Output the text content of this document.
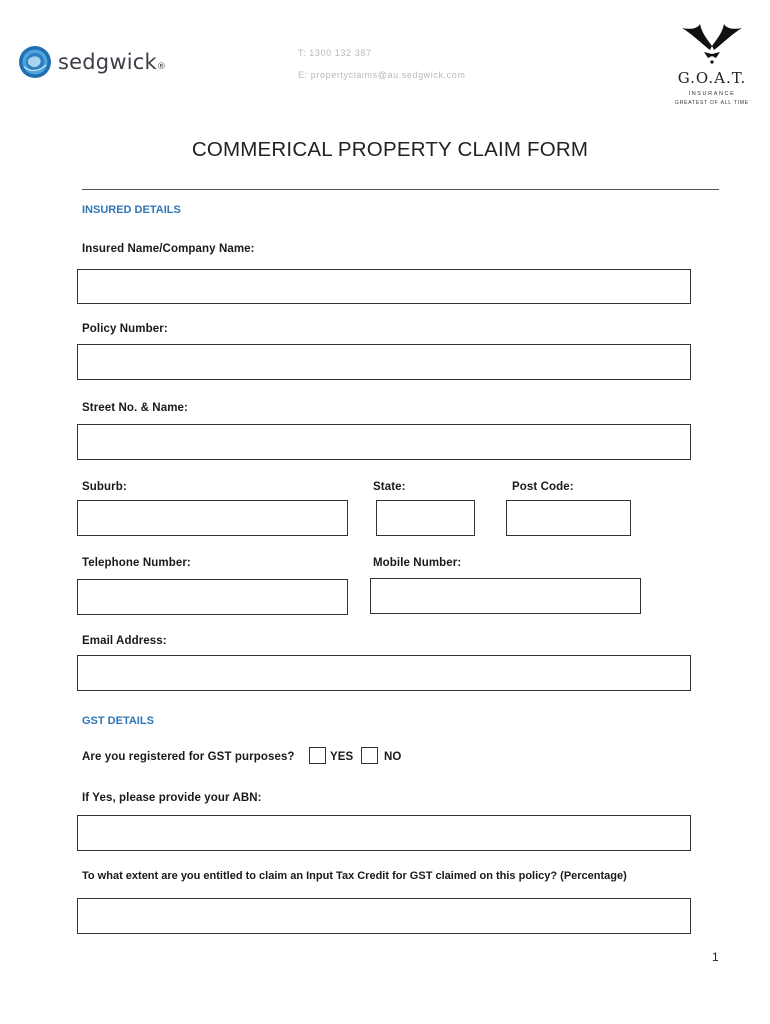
sedgwick®
T: 1300 132 387
E: propertyclaims@au.sedgwick.com	G.O.A.T.
INSURANCE
GREATEST OF ALL TIME
COMMERICAL PROPERTY CLAIM FORM
INSURED DETAILS
Insured Name/Company Name:
Policy Number:
Street No. & Name:
Suburb:	State:	Post Code:
Telephone Number:	Mobile Number:
Email Address:
GST DETAILS
Are you registered for GST purposes?	YES	NO
If Yes, please provide your ABN:
To what extent are you entitled to claim an Input Tax Credit for GST claimed on this policy? (Percentage)
1
